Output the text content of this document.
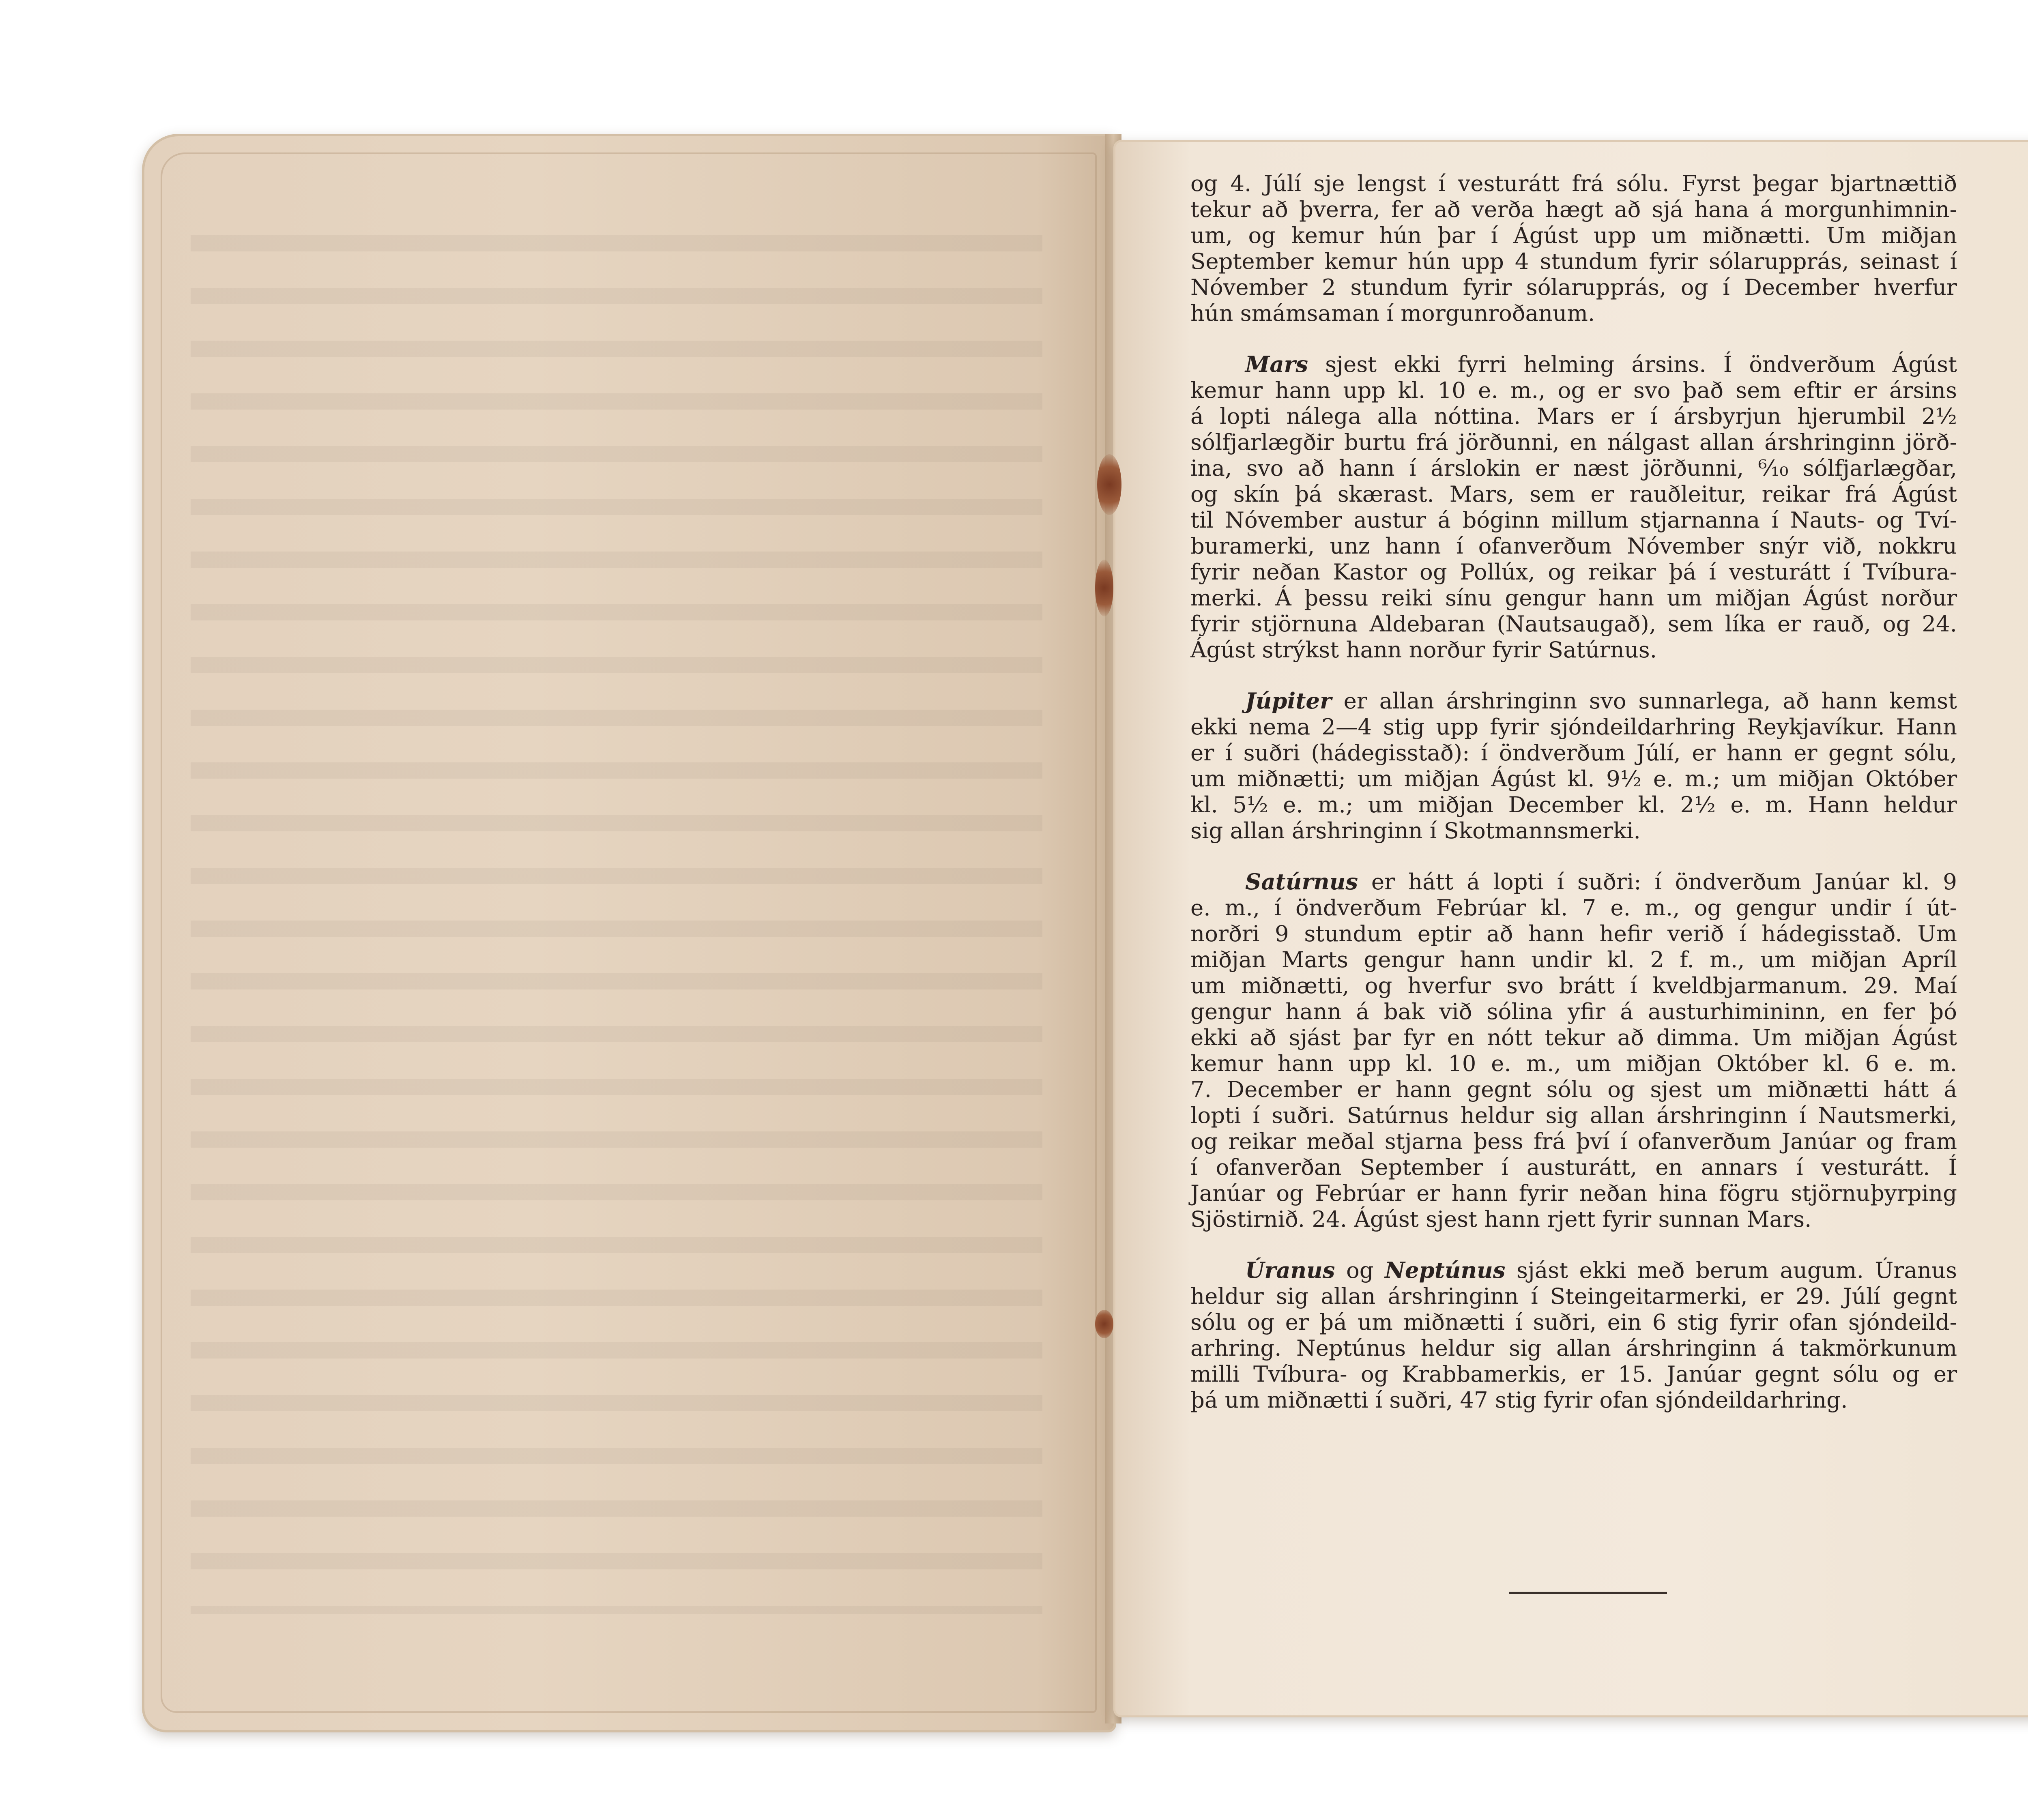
og 4. Júlí sje lengst í vesturátt frá sólu. Fyrst þegar bjartnættið
tekur að þverra, fer að verða hægt að sjá hana á morgunhimnin-
um, og kemur hún þar í Ágúst upp um miðnætti. Um miðjan
September kemur hún upp 4 stundum fyrir sólarupprás, seinast í
Nóvember 2 stundum fyrir sólarupprás, og í December hverfur
hún smámsaman í morgunroðanum.
Mars sjest ekki fyrri helming ársins. Í öndverðum Ágúst
kemur hann upp kl. 10 e. m., og er svo það sem eftir er ársins
á lopti nálega alla nóttina. Mars er í ársbyrjun hjerumbil 2½
sólfjarlægðir burtu frá jörðunni, en nálgast allan árshringinn jörð-
ina, svo að hann í árslokin er næst jörðunni, ⁶⁄₁₀ sólfjarlægðar,
og skín þá skærast. Mars, sem er rauðleitur, reikar frá Ágúst
til Nóvember austur á bóginn millum stjarnanna í Nauts- og Tví-
buramerki, unz hann í ofanverðum Nóvember snýr við, nokkru
fyrir neðan Kastor og Pollúx, og reikar þá í vesturátt í Tvíbura-
merki. Á þessu reiki sínu gengur hann um miðjan Ágúst norður
fyrir stjörnuna Aldebaran (Nautsaugað), sem líka er rauð, og 24.
Ágúst strýkst hann norður fyrir Satúrnus.
Júpiter er allan árshringinn svo sunnarlega, að hann kemst
ekki nema 2—4 stig upp fyrir sjóndeildarhring Reykjavíkur. Hann
er í suðri (hádegisstað): í öndverðum Júlí, er hann er gegnt sólu,
um miðnætti; um miðjan Ágúst kl. 9½ e. m.; um miðjan Október
kl. 5½ e. m.; um miðjan December kl. 2½ e. m. Hann heldur
sig allan árshringinn í Skotmannsmerki.
Satúrnus er hátt á lopti í suðri: í öndverðum Janúar kl. 9
e. m., í öndverðum Febrúar kl. 7 e. m., og gengur undir í út-
norðri 9 stundum eptir að hann hefir verið í hádegisstað. Um
miðjan Marts gengur hann undir kl. 2 f. m., um miðjan Apríl
um miðnætti, og hverfur svo brátt í kveldbjarmanum. 29. Maí
gengur hann á bak við sólina yfir á austurhimininn, en fer þó
ekki að sjást þar fyr en nótt tekur að dimma. Um miðjan Ágúst
kemur hann upp kl. 10 e. m., um miðjan Október kl. 6 e. m.
7. December er hann gegnt sólu og sjest um miðnætti hátt á
lopti í suðri. Satúrnus heldur sig allan árshringinn í Nautsmerki,
og reikar meðal stjarna þess frá því í ofanverðum Janúar og fram
í ofanverðan September í austurátt, en annars í vesturátt. Í
Janúar og Febrúar er hann fyrir neðan hina fögru stjörnuþyrping
Sjöstirnið. 24. Ágúst sjest hann rjett fyrir sunnan Mars.
Úranus og Neptúnus sjást ekki með berum augum. Úranus
heldur sig allan árshringinn í Steingeitarmerki, er 29. Júlí gegnt
sólu og er þá um miðnætti í suðri, ein 6 stig fyrir ofan sjóndeild-
arhring. Neptúnus heldur sig allan árshringinn á takmörkunum
milli Tvíbura- og Krabbamerkis, er 15. Janúar gegnt sólu og er
þá um miðnætti í suðri, 47 stig fyrir ofan sjóndeildarhring.
